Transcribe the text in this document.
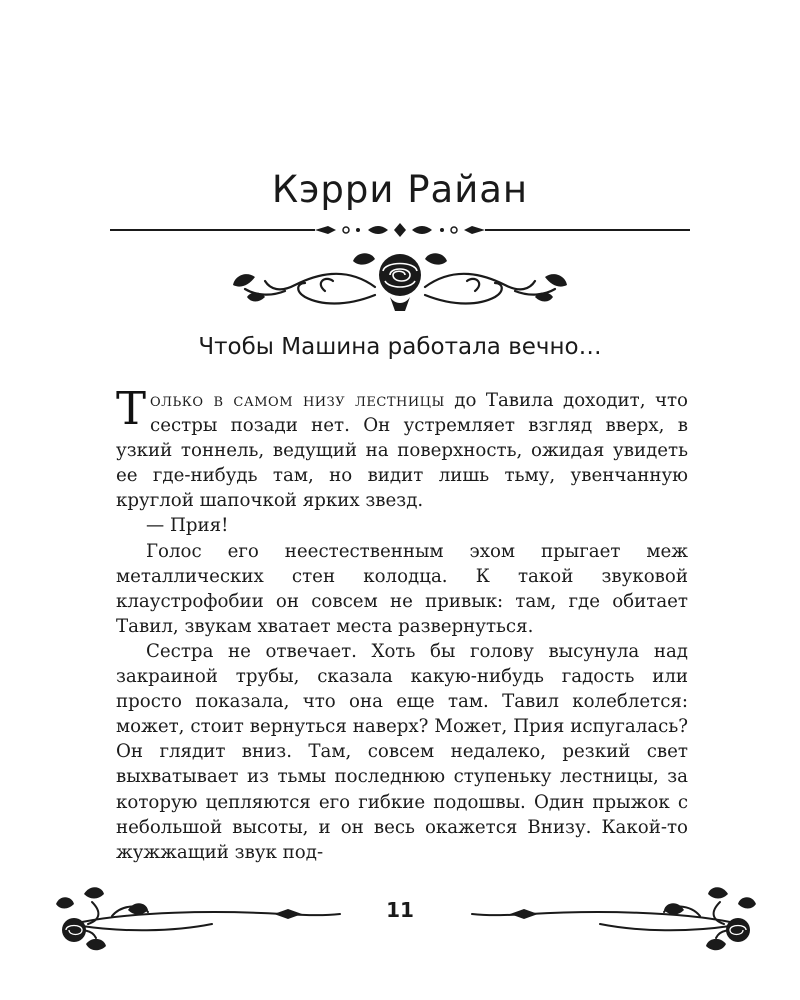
Кэрри Райан
Чтобы Машина работала вечно…

Только в самом низу лестницы до Тавила доходит, что сестры позади нет. Он устремляет взгляд вверх, в узкий тоннель, ведущий на поверхность, ожидая увидеть ее где-нибудь там, но видит лишь тьму, увенчанную круглой шапочкой ярких звезд.

— Прия!

Голос его неестественным эхом прыгает меж металлических стен колодца. К такой звуковой клаустрофобии он совсем не привык: там, где обитает Тавил, звукам хватает места развернуться.

Сестра не отвечает. Хоть бы голову высунула над закраиной трубы, сказала какую-нибудь гадость или просто показала, что она еще там. Тавил колеблется: может, стоит вернуться наверх? Может, Прия испугалась? Он глядит вниз. Там, совсем недалеко, резкий свет выхватывает из тьмы последнюю ступеньку лестницы, за которую цепляются его гибкие подошвы. Один прыжок с небольшой высоты, и он весь окажется Внизу. Какой-то жужжащий звук под-

11
